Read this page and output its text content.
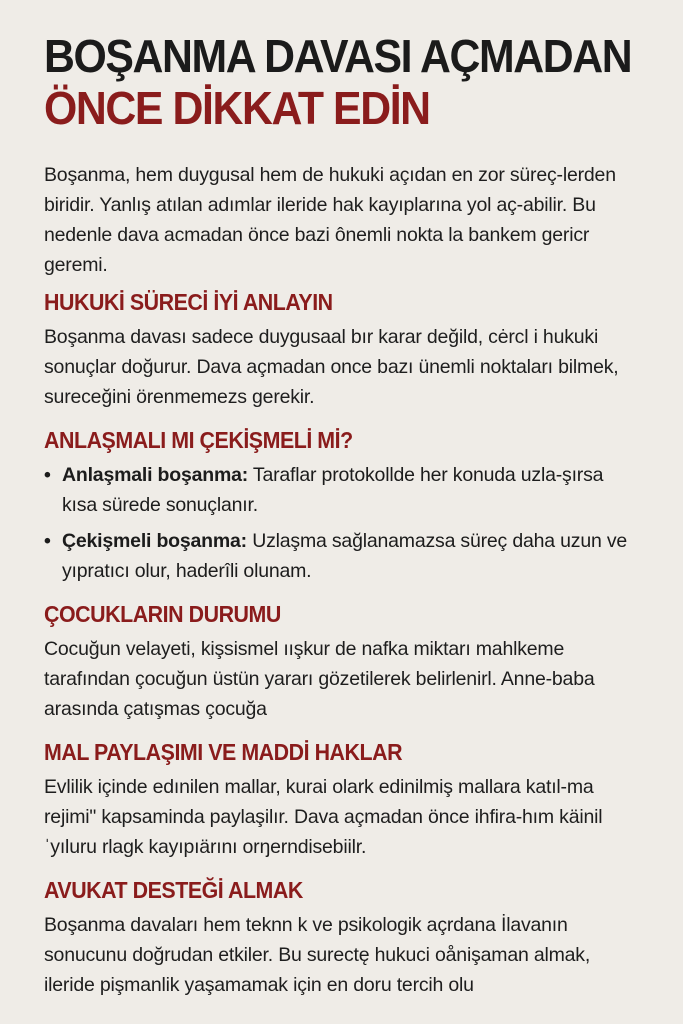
BOŞANMA DAVASI AÇMADAN
ÖNCE DİKKAT EDİN

Boşanma, hem duygusal hem de hukuki açıdan en zor süreç-lerden biridir. Yanlış atılan adımlar ileride hak kayıplarına yol aç-abilir. Bu nedenle dava acmadan önce bazi ônemli nokta la bankem gericr geremi.

HUKUKİ SÜRECİ İYİ ANLAYIN

Boşanma davası sadece duygusaal bır karar değild, cėrcl i hukuki sonuçlar doğurur. Dava açmadan once bazı ünemli noktaları bilmek, sureceğini örenmemezs gerekir.

ANLAŞMALI MI ÇEKİŞMELİ Mİ?
• Anlaşmali boşanma: Taraflar protokollde her konuda uzla-şırsa kısa sürede sonuçlanır.
• Çekişmeli boşanma: Uzlaşma sağlanamazsa süreç daha uzun ve yıpratıcı olur, haderîli olunam.
ÇOCUKLARIN DURUMU

Cocuğun velayeti, kişsismel ıışkur de nafka miktarı mahlkeme tarafından çocuğun üstün yararı gözetilerek belirlenirl. Anne-baba arasında çatışmas çocuğa

MAL PAYLAŞIMI VE MADDİ HAKLAR

Evlilik içinde edınilen mallar, kurai olark edinilmiş mallara katıl-ma rejimi" kapsaminda paylaşilır. Dava açmadan önce ihfira-hım käinilˈyıluru rlagk kayıpıärını orŋerndisebiilr.

AVUKAT DESTEĞİ ALMAK

Boşanma davaları hem teknn k ve psikologik açrdana İlavanın sonucunu doğrudan etkiler. Bu surectę hukuci oånişaman almak, ileride pişmanlik yaşamamak için en doru tercih olu
